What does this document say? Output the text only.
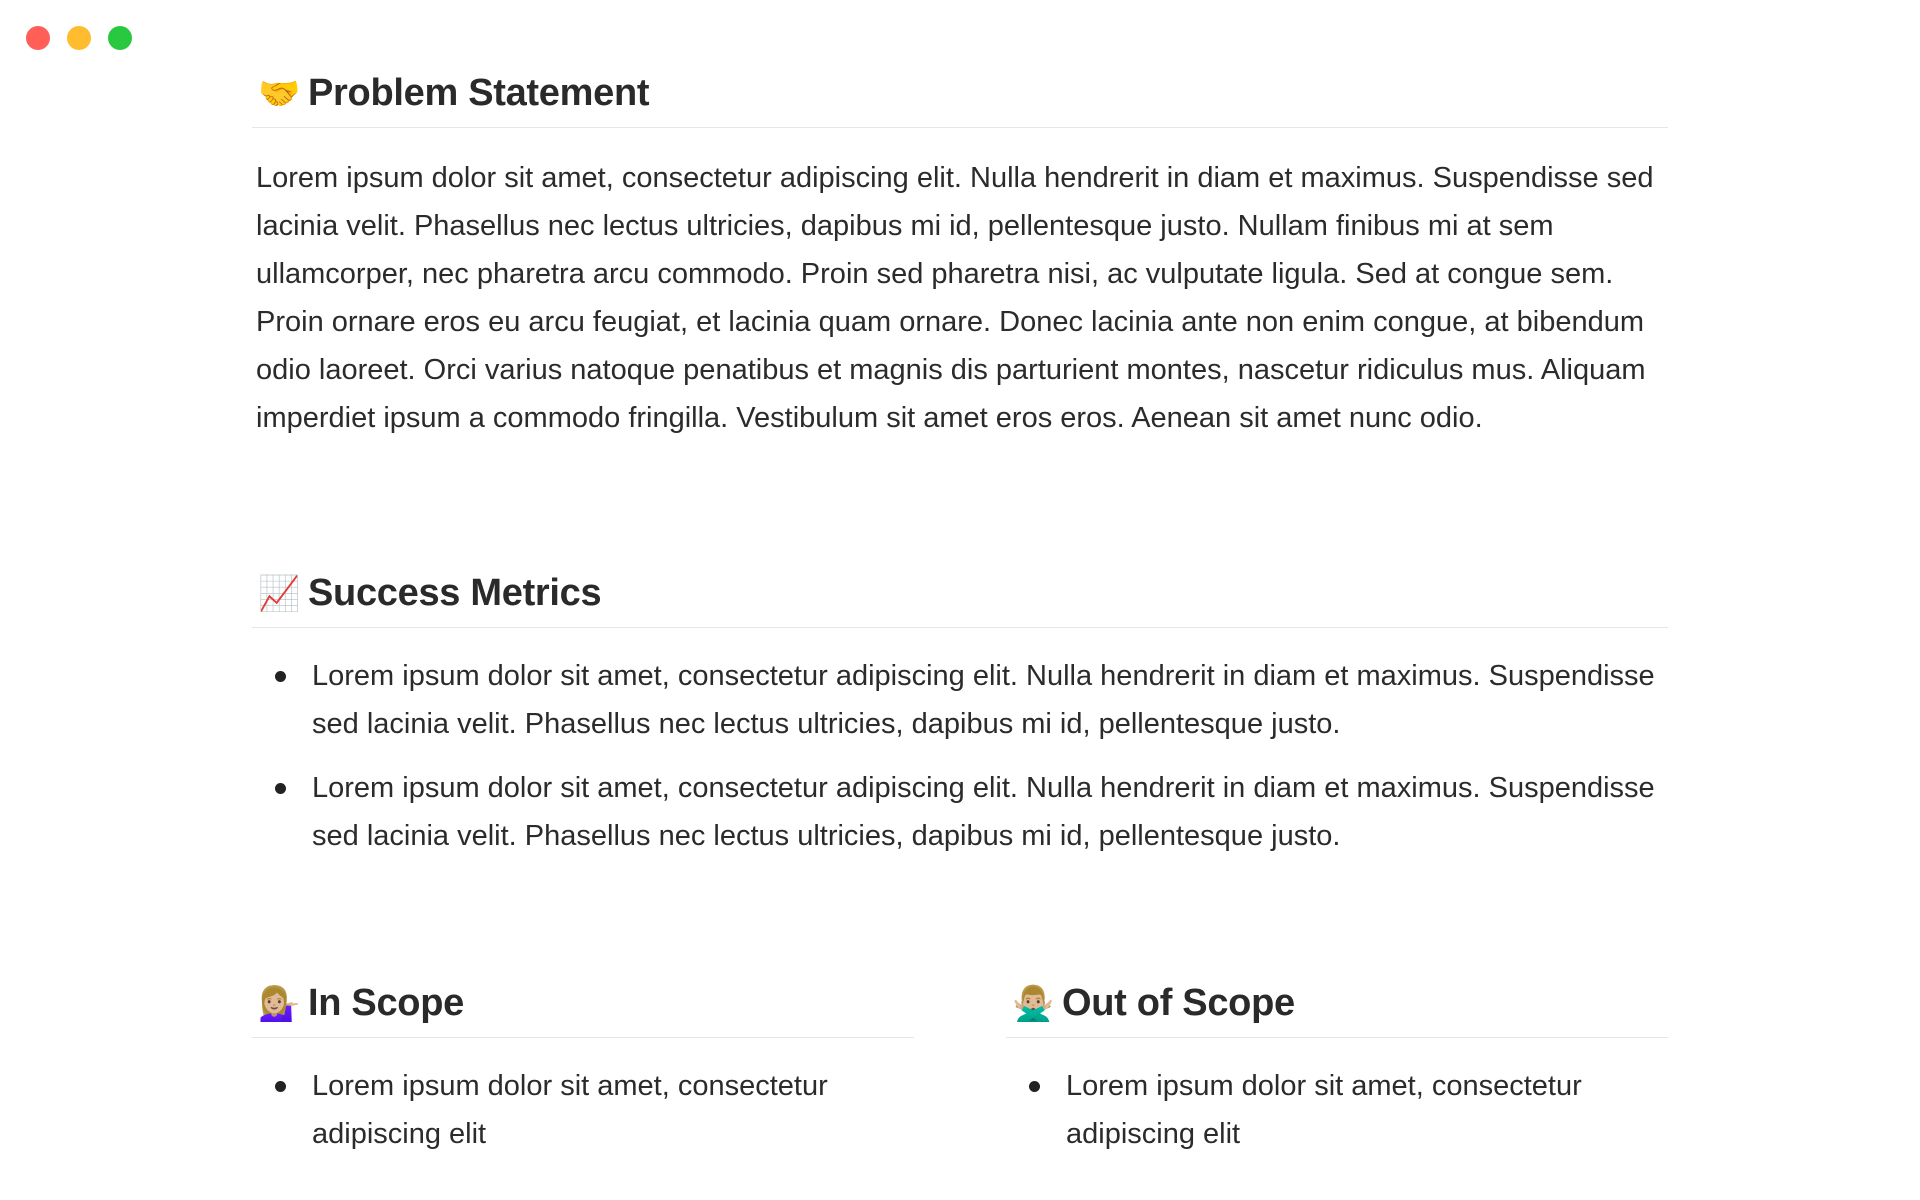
🤝 Problem Statement

Lorem ipsum dolor sit amet, consectetur adipiscing elit. Nulla hendrerit in diam et maximus. Suspendisse sed lacinia velit. Phasellus nec lectus ultricies, dapibus mi id, pellentesque justo. Nullam finibus mi at sem ullamcorper, nec pharetra arcu commodo. Proin sed pharetra nisi, ac vulputate ligula. Sed at congue sem. Proin ornare eros eu arcu feugiat, et lacinia quam ornare. Donec lacinia ante non enim congue, at bibendum odio laoreet. Orci varius natoque penatibus et magnis dis parturient montes, nascetur ridiculus mus. Aliquam imperdiet ipsum a commodo fringilla. Vestibulum sit amet eros eros. Aenean sit amet nunc odio.

📈 Success Metrics
Lorem ipsum dolor sit amet, consectetur adipiscing elit. Nulla hendrerit in diam et maximus. Suspendisse sed lacinia velit. Phasellus nec lectus ultricies, dapibus mi id, pellentesque justo.
Lorem ipsum dolor sit amet, consectetur adipiscing elit. Nulla hendrerit in diam et maximus. Suspendisse sed lacinia velit. Phasellus nec lectus ultricies, dapibus mi id, pellentesque justo.
💁🏼‍♀️ In Scope
Lorem ipsum dolor sit amet, consectetur adipiscing elit
🙅🏼‍♂️ Out of Scope
Lorem ipsum dolor sit amet, consectetur adipiscing elit
